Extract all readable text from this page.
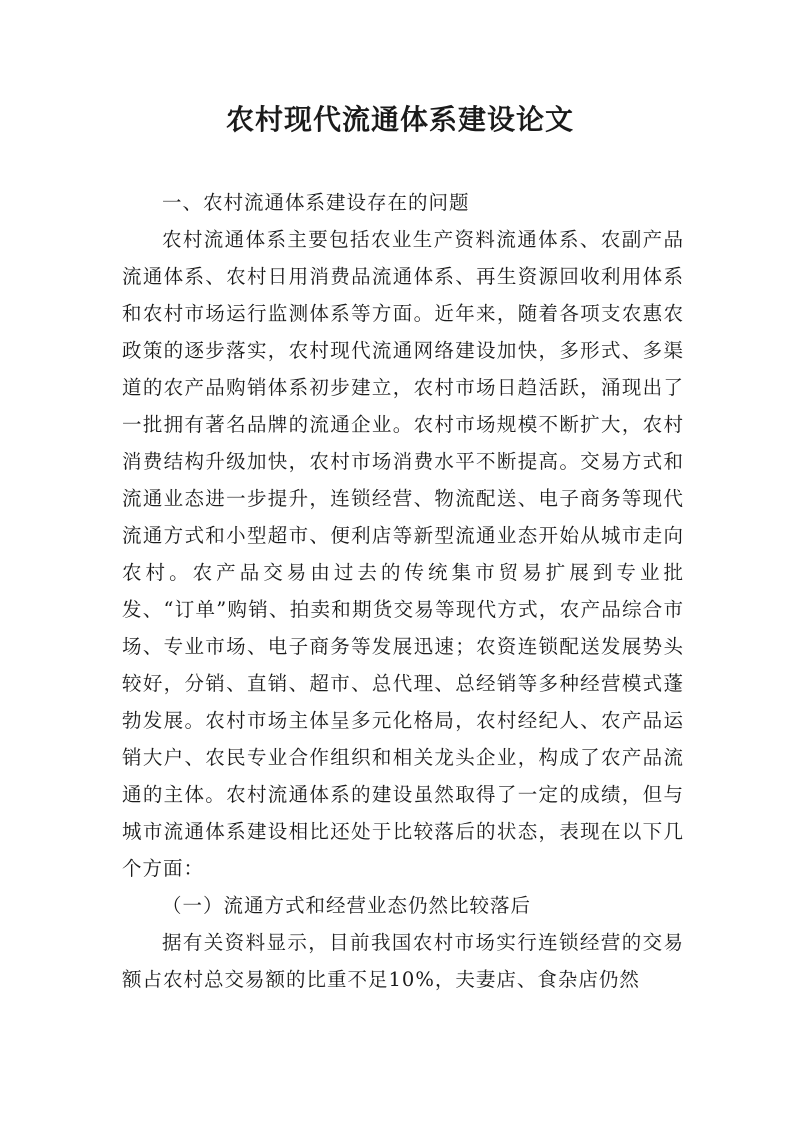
农村现代流通体系建设论文

一、农村流通体系建设存在的问题

农村流通体系主要包括农业生产资料流通体系、农副产品流通体系、农村日用消费品流通体系、再生资源回收利用体系和农村市场运行监测体系等方面。近年来，随着各项支农惠农政策的逐步落实，农村现代流通网络建设加快，多形式、多渠道的农产品购销体系初步建立，农村市场日趋活跃，涌现出了一批拥有著名品牌的流通企业。农村市场规模不断扩大，农村消费结构升级加快，农村市场消费水平不断提高。交易方式和流通业态进一步提升，连锁经营、物流配送、电子商务等现代流通方式和小型超市、便利店等新型流通业态开始从城市走向农村。农产品交易由过去的传统集市贸易扩展到专业批发、“订单”购销、拍卖和期货交易等现代方式，农产品综合市场、专业市场、电子商务等发展迅速；农资连锁配送发展势头较好，分销、直销、超市、总代理、总经销等多种经营模式蓬勃发展。农村市场主体呈多元化格局，农村经纪人、农产品运销大户、农民专业合作组织和相关龙头企业，构成了农产品流通的主体。农村流通体系的建设虽然取得了一定的成绩，但与城市流通体系建设相比还处于比较落后的状态，表现在以下几个方面：

（一）流通方式和经营业态仍然比较落后

据有关资料显示，目前我国农村市场实行连锁经营的交易额占农村总交易额的比重不足10%，夫妻店、食杂店仍然
